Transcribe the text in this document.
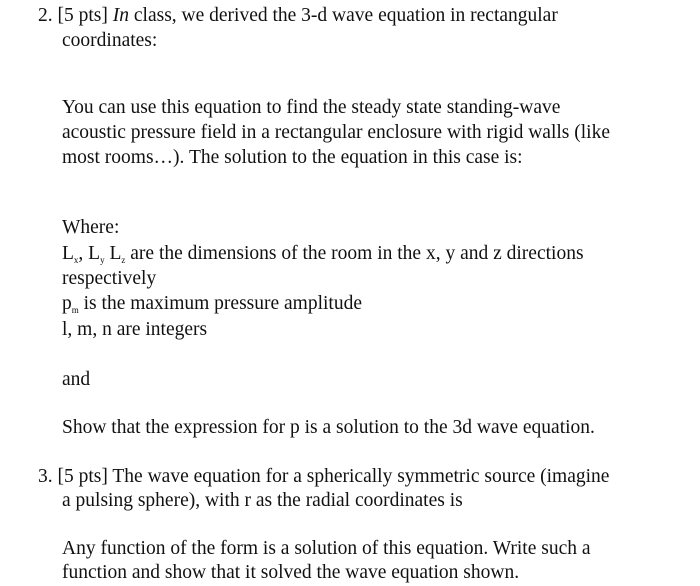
2. [5 pts] In class, we derived the 3-d wave equation in rectangular
coordinates:
You can use this equation to find the steady state standing-wave
acoustic pressure field in a rectangular enclosure with rigid walls (like
most rooms…). The solution to the equation in this case is:
Where:
$L_x$, $L_y$ $L_z$ are the dimensions of the room in the x, y and z directions
respectively
$p_m$ is the maximum pressure amplitude
l, m, n are integers
and
Show that the expression for p is a solution to the 3d wave equation.
3. [5 pts] The wave equation for a spherically symmetric source (imagine
a pulsing sphere), with r as the radial coordinates is
Any function of the form is a solution of this equation. Write such a
function and show that it solved the wave equation shown.
